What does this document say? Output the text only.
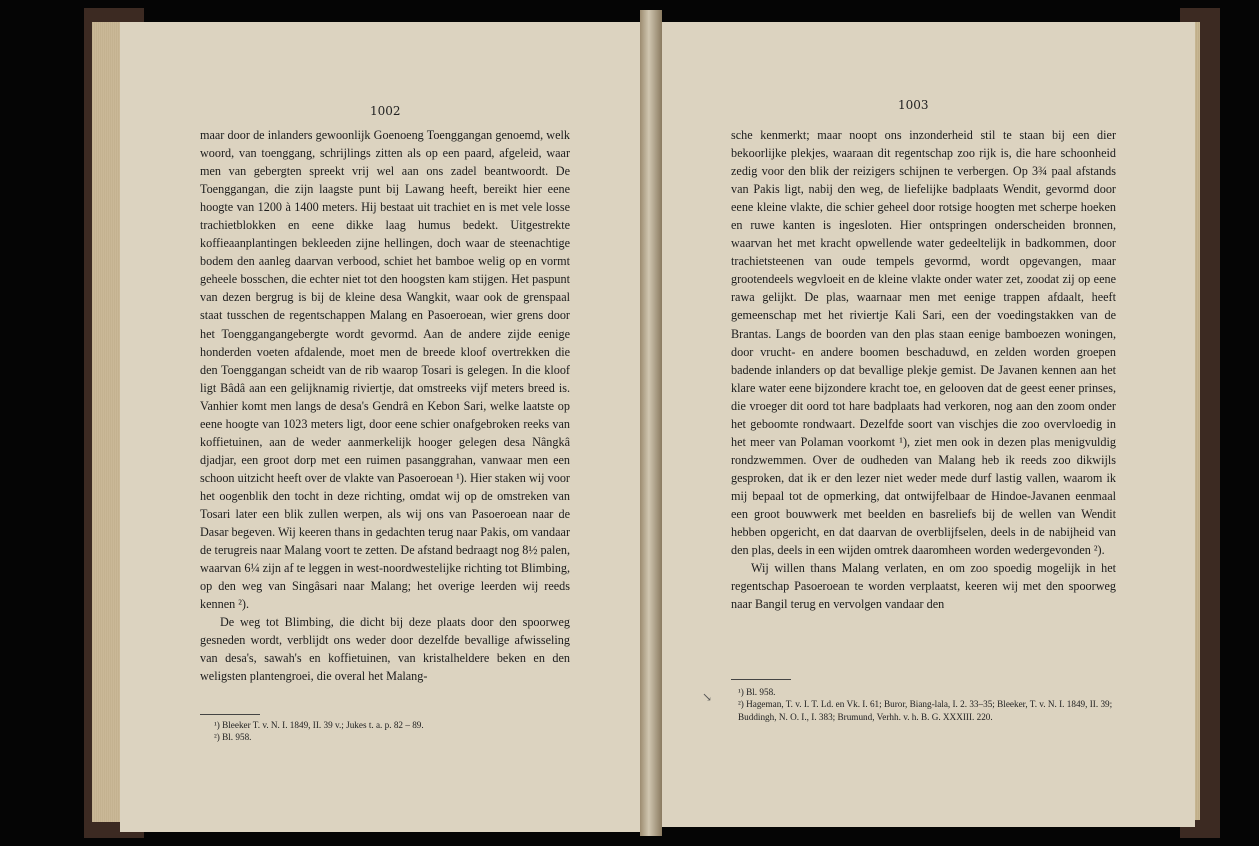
1002

maar door de inlanders gewoonlijk Goenoeng Toenggangan genoemd, welk woord, van toenggang, schrijlings zitten als op een paard, afgeleid, waar men van gebergten spreekt vrij wel aan ons zadel beantwoordt. De Toenggangan, die zijn laagste punt bij Lawang heeft, bereikt hier eene hoogte van 1200 à 1400 meters. Hij bestaat uit trachiet en is met vele losse trachietblokken en eene dikke laag humus bedekt. Uitgestrekte koffieaanplantingen bekleeden zijne hellingen, doch waar de steenachtige bodem den aanleg daarvan verbood, schiet het bamboe welig op en vormt geheele bosschen, die echter niet tot den hoogsten kam stijgen. Het paspunt van dezen bergrug is bij de kleine desa Wangkit, waar ook de grenspaal staat tusschen de regentschappen Malang en Pasoeroean, wier grens door het Toenggangangebergte wordt gevormd. Aan de andere zijde eenige honderden voeten afdalende, moet men de breede kloof overtrekken die den Toenggangan scheidt van de rib waarop Tosari is gelegen. In die kloof ligt Bâdâ aan een gelijknamig riviertje, dat omstreeks vijf meters breed is. Vanhier komt men langs de desa's Gendrâ en Kebon Sari, welke laatste op eene hoogte van 1023 meters ligt, door eene schier onafgebroken reeks van koffietuinen, aan de weder aanmerkelijk hooger gelegen desa Nângkâ djadjar, een groot dorp met een ruimen pasanggrahan, vanwaar men een schoon uitzicht heeft over de vlakte van Pasoeroean ¹). Hier staken wij voor het oogenblik den tocht in deze richting, omdat wij op de omstreken van Tosari later een blik zullen werpen, als wij ons van Pasoeroean naar de Dasar begeven. Wij keeren thans in gedachten terug naar Pakis, om vandaar de terugreis naar Malang voort te zetten. De afstand bedraagt nog 8½ palen, waarvan 6¼ zijn af te leggen in west-noordwestelijke richting tot Blimbing, op den weg van Singâsari naar Malang; het overige leerden wij reeds kennen ²).

De weg tot Blimbing, die dicht bij deze plaats door den spoorweg gesneden wordt, verblijdt ons weder door dezelfde bevallige afwisseling van desa's, sawah's en koffietuinen, van kristalheldere beken en den weligsten plantengroei, die overal het Malang-

¹) Bleeker T. v. N. I. 1849, II. 39 v.; Jukes t. a. p. 82 – 89.
²) Bl. 958.
1003

sche kenmerkt; maar noopt ons inzonderheid stil te staan bij een dier bekoorlijke plekjes, waaraan dit regentschap zoo rijk is, die hare schoonheid zedig voor den blik der reizigers schijnen te verbergen. Op 3¾ paal afstands van Pakis ligt, nabij den weg, de liefelijke badplaats Wendit, gevormd door eene kleine vlakte, die schier geheel door rotsige hoogten met scherpe hoeken en ruwe kanten is ingesloten. Hier ontspringen onderscheiden bronnen, waarvan het met kracht opwellende water gedeeltelijk in badkommen, door trachietsteenen van oude tempels gevormd, wordt opgevangen, maar grootendeels wegvloeit en de kleine vlakte onder water zet, zoodat zij op eene rawa gelijkt. De plas, waarnaar men met eenige trappen afdaalt, heeft gemeenschap met het riviertje Kali Sari, een der voedingstakken van de Brantas. Langs de boorden van den plas staan eenige bamboezen woningen, door vrucht- en andere boomen beschaduwd, en zelden worden groepen badende inlanders op dat bevallige plekje gemist. De Javanen kennen aan het klare water eene bijzondere kracht toe, en gelooven dat de geest eener prinses, die vroeger dit oord tot hare badplaats had verkoren, nog aan den zoom onder het geboomte rondwaart. Dezelfde soort van vischjes die zoo overvloedig in het meer van Polaman voorkomt ¹), ziet men ook in dezen plas menigvuldig rondzwemmen. Over de oudheden van Malang heb ik reeds zoo dikwijls gesproken, dat ik er den lezer niet weder mede durf lastig vallen, waarom ik mij bepaal tot de opmerking, dat ontwijfelbaar de Hindoe-Javanen eenmaal een groot bouwwerk met beelden en basreliefs bij de wellen van Wendit hebben opgericht, en dat daarvan de overblijfselen, deels in de nabijheid van den plas, deels in een wijden omtrek daaromheen worden wedergevonden ²).

Wij willen thans Malang verlaten, en om zoo spoedig mogelijk in het regentschap Pasoeroean te worden verplaatst, keeren wij met den spoorweg naar Bangil terug en vervolgen vandaar den

¹) Bl. 958.
²) Hageman, T. v. I. T. Ld. en Vk. I. 61; Buror, Biang-lala, I. 2. 33–35; Bleeker, T. v. N. I. 1849, II. 39; Buddingh, N. O. I., I. 383; Brumund, Verhh. v. h. B. G. XXXIII. 220.
↘
